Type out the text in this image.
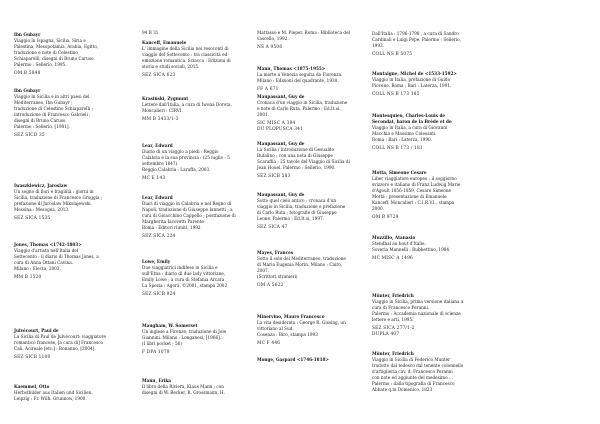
Ibn Gubayr
Viaggio in Ispagna, Sicilia, Siria e
Palestina, Mesopotamia, Arabia, Egitto,
traduzione e note di Celestino
Schiaparelli, disegni di Bruno Caruso.
Palermo : Sellerio, 1995.
OM B 5848
Ibn Gubayr
Viaggio in Sicilia e in altri paesi del
Mediterraneo, Ibn Gubayr ;
traduzione di Celestino Schiaparelli ;
introduzione di Francesco Gabrieli ;
disegni di Bruno Caruso.
Palermo : Sellerio, [1981].
SEZ SICD 35
Iwaszkiewicz, Jaroslaw
Un sogno di fiori e fragilità : giorni in
Sicilia, traduzione di Francesco Groggia ;
prefazione di Jaroslaw Mikolajewski.
Messina : Mesogea, 2013.
SEZ SICA 1535
Jones, Thomas <1742-1803>
Viaggio d'artista nell'Italia del
Settecento : il diario di Thomas Jones, a
cura di Anna Ottani Cavina.
Milano : Electa, 2003.
MM B 1520
Julvécourt, Paul de
La Sicilia di Paul de Julvécourt: viaggiatore
romantico francese, [a cura di] Francesco
Cali. Acireale [etc.] : Bonanno, [2004].
SEZ SICB 1100
Kaemmel, Otto
Herbstbilder aus Italien und Sicilien.
Leipzig : Fr. Wilh. Grunnow, 1900.
94 B 31
Kanceff, Emanuele
L' immagine della Sicilia nei resoconti di
viaggio del Settecento : tra classicità ed
emozione romantica. Sciacca : Edizioni di
storia e studi sociali, 2015.
SEZ SICA 623
Krasiński, Zygmunt
Lettere dall'Italia, a cura di Iwona Dorota.
Moncalieri : CIRVI.
MM B 3433/1-3
Lear, Edward
Diario di un viaggio a piedi : Reggio
Calabria e la sua provincia : (25 luglio - 5
settembre 1847).
Reggio Calabria : Laruffa, 2003.
MC E 143
Lear, Edward
Diari di viaggio in Calabria e nel Regno di
Napoli, traduzione di Giuseppe Iannetti ; a
cura di Gioacchino Cappello ; postfazione di
Margherita Iacovetti Parente
Roma : Editori riuniti, 1992
SEZ SICA 224
Lowe, Emily
Due viaggiatrici indifese in Sicilia e
sull'Etna : diario di due lady vittoriane,
Emily Lowe ; a cura di Stefania Arcara
La Spezia : Agorà, ©2001, stampa 2002
SEZ SICB 924
Maugham, W. Somerset
Un inglese a Firenze, traduzione di Jole
Giannini. Milano : Longanesi, [1966].
(I libri pocket ; 56)
F DPA 1079
Mann, Erika
Il libro della Riviera, Klaus Mann ; con
disegni di W. Becker, R. Grossmann, H.
Mattasso e M. Pieper. Roma : Biblioteca del
vascello, 1992.
NS A 9506
Mann, Thomas <1875-1955>
La morte a Venezia seguita da Fiorenza.
Milano : Edizioni del quadrante, 1930.
FF A 671
Maupassant, Guy de
Cronaca d'un viaggio in Sicilia, traduzione
e note di Carlo Ruta. Palermo : Ed.It.si.,
2001.
SIC MISC A 394
DU PLOPUSCA 341
Maupassant, Guy de
La Sicilia / introduzione di Gesualdo
Bufalino ; con una nota di Giuseppe
Scaraffia ; 25 tavole del Viaggio di Sicilia di
Jean Houel. Palermo : Sellerio, 1990.
SEZ SICB 583
Maupassant, Guy de
Sotto quel cielo antico : cronaca d'un
viaggio in Sicilia, traduzione e prefazione
di Carlo Ruta ; fotografie di Giuseppe
Leone. Palermo : Ed.It.si, 1997.
SEZ SICA 47
Mayes, Frances
Sotto il sole del Mediterraneo, traduzione
di Maria Eugenia Morin. Milano : Cairo,
2007.
(Scrittori stranieri)
OM A 5622
Minervino, Mauro Francesco
La vita desiderata : George R. Gissing, un
vittoriano al Sud.
Cosenza : Biro, stampa 1993
MC F 446
Monge, Gaspard <1746-1818>
Dall'Italia : 1796-1798 , a cura di Sandro
Cardinali e Luigi Pepe. Palermo : Sellerio,
1993.
COLL NS B 5075
Montaigne, Michel de <1533-1592>
Viaggio in Italia, prefazione di Guido
Piovene. Roma ; Bari : Laterza, 1991.
COLL NS B 173 185
Montesquieu, Charles-Louis de
Secondat, baron de la Brède et de
Viaggio in Italia, a cura di Giovanni
Macchia e Massimo Colesanti.
Roma ; Bari : Laterza, 1990.
COLL NS B 173 / 181
Motta, Simeone Cesare
Liber viaggiatore europeo : il soggiorno
svizzero e italiano di Franz Ludwig Marie
d'Agoult 1856-1859, Cesare Simeone
Motta ; presentazione di Emanuele
Kanceff. Moncalieri : C.I.R.V.I., stampa
2000.
OM B 9729
Muzzillo, Atanasio
Stendhal au bout d'Italie.
Soveria Mannelli : Rubbettino, 1984.
MC MISC A 1496
Münter, Friedrich
Viaggio in Sicilia, prima versione italiana a
cura di Francesco Peranni.
Palermo : Accademia nazionale di scienze
lettere e arti, 1995.
SEZ SICA 277/1-2
DUPLA 407
Münter, Friedrich
Viaggio in Sicilia di Federico Munter
tradotto dal tedesco dal tenente colonnello
d'artiglieria cav. d. Francesco Peranni
con note ed aggiunte del medesimo ...
Palermo : dalla tipografia di Francesco
Abbate q.m Domenico, 1823
